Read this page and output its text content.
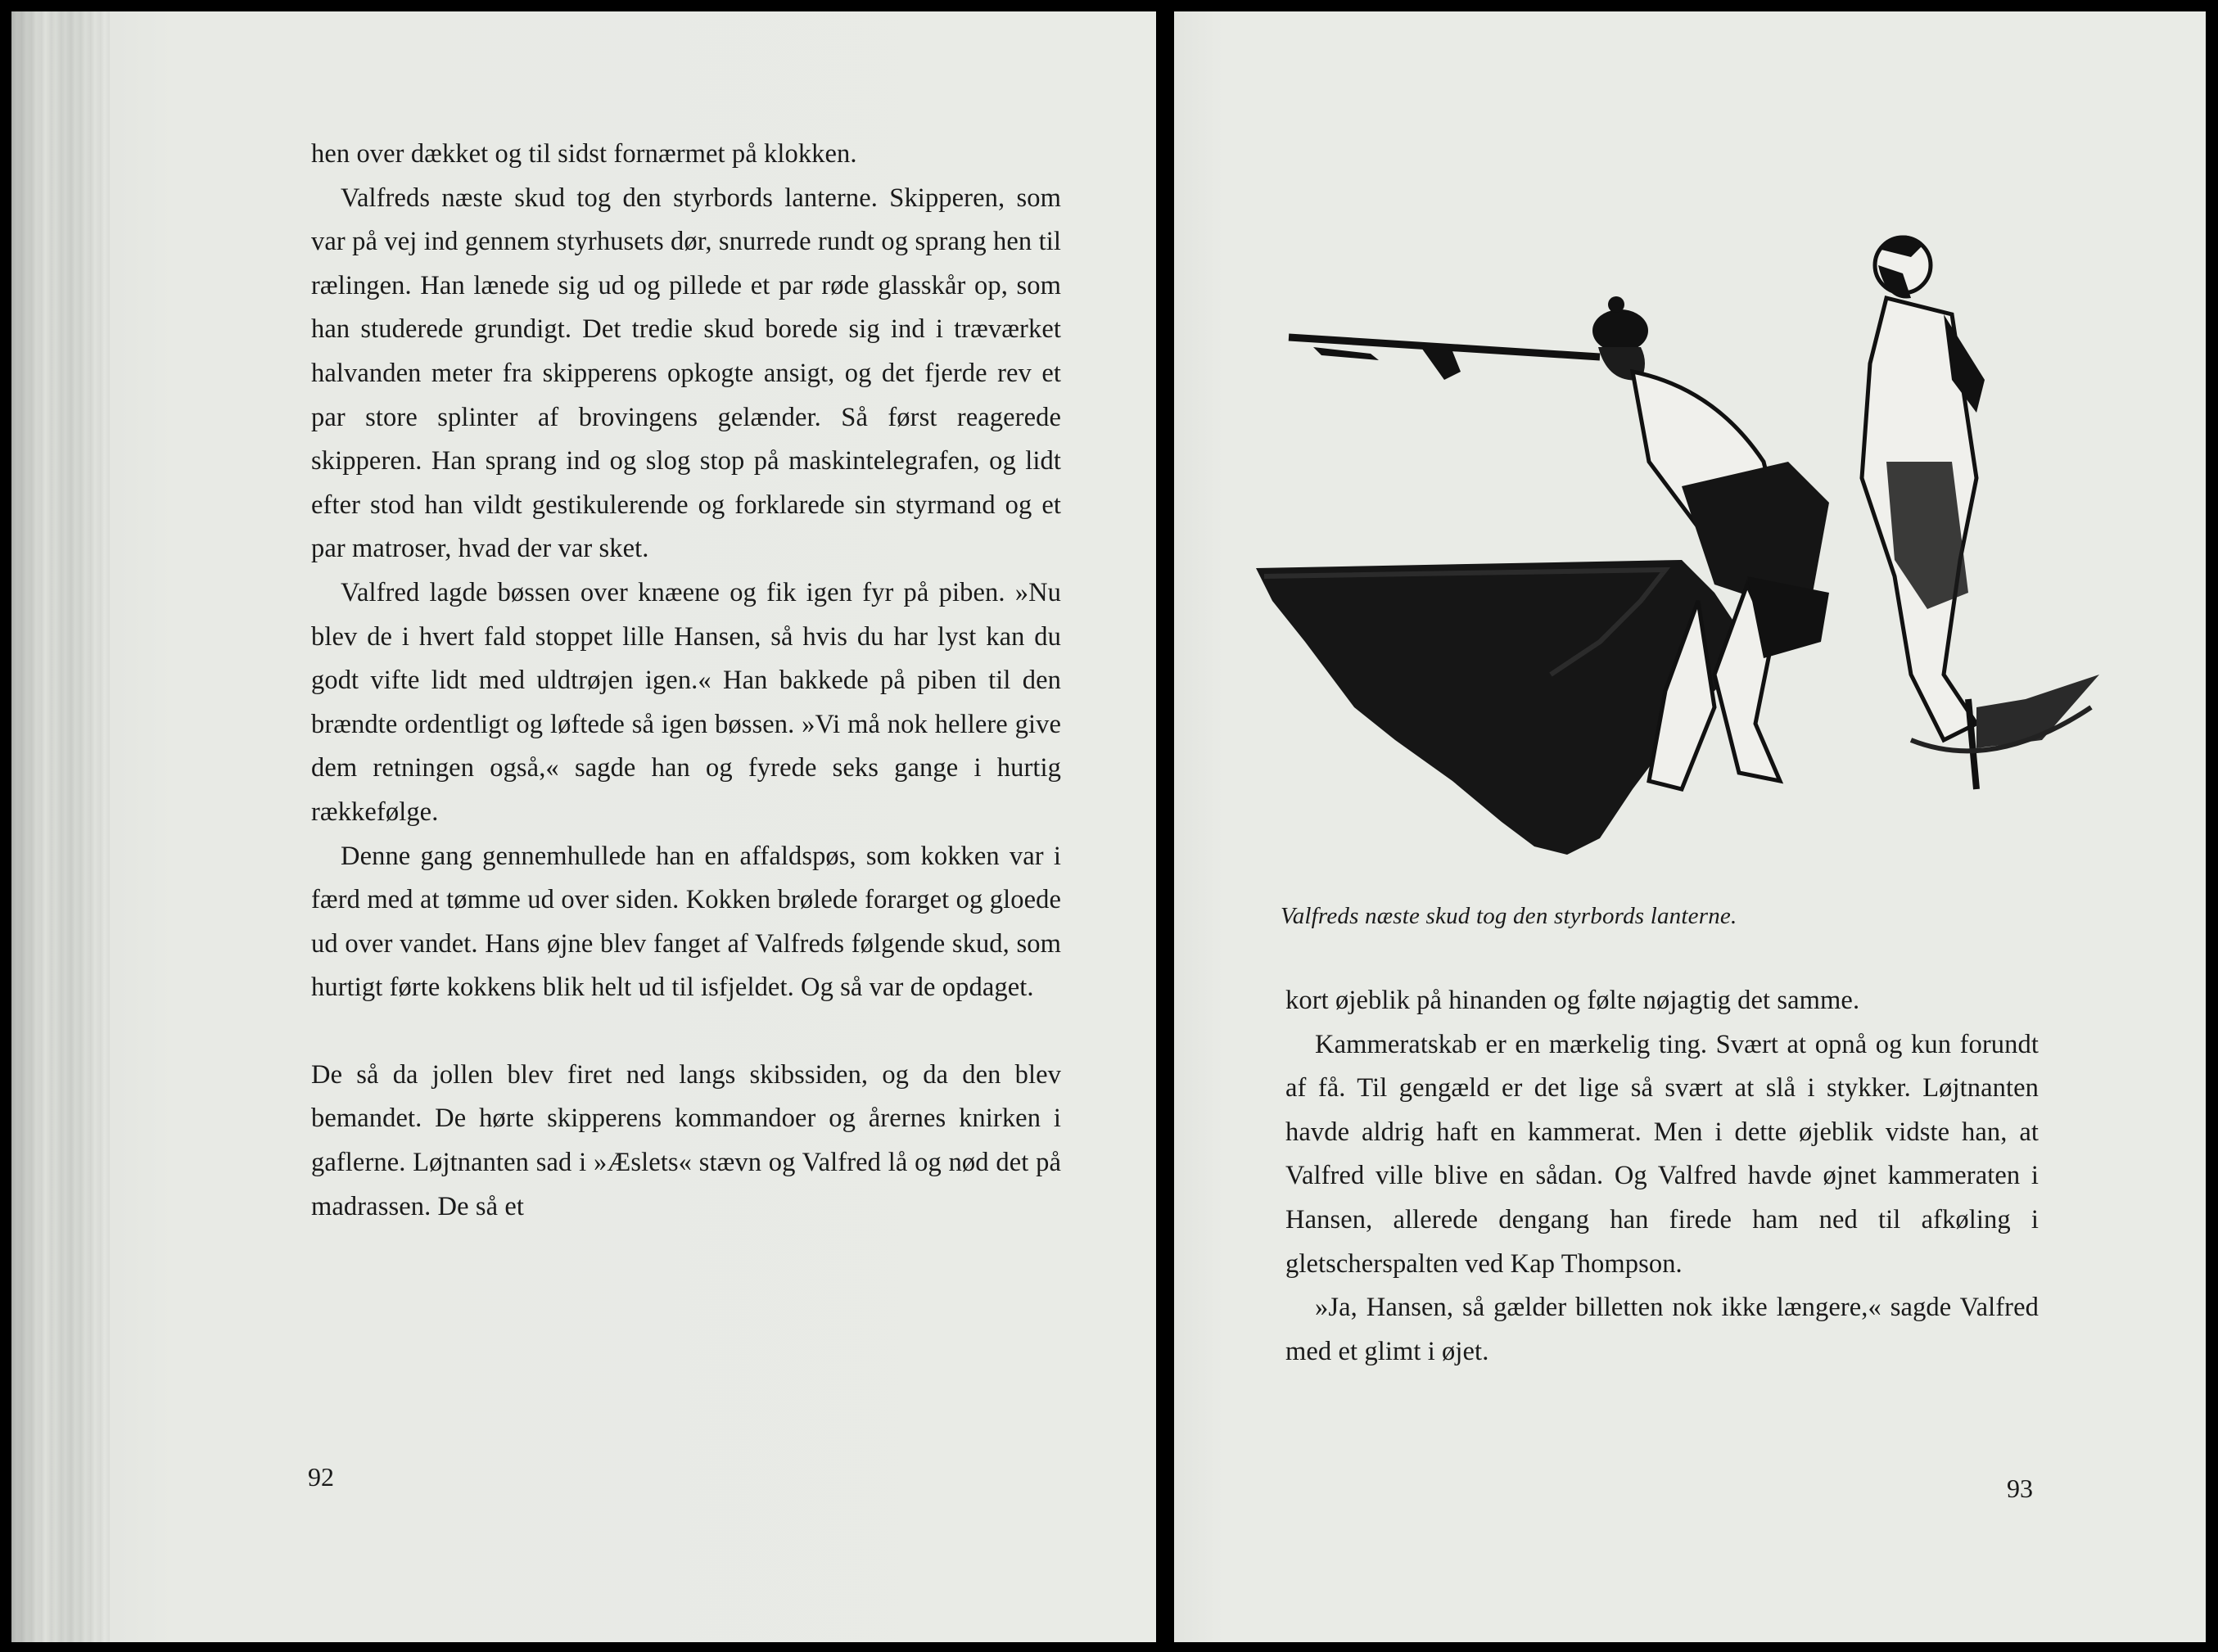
hen over dækket og til sidst fornærmet på klokken.

Valfreds næste skud tog den styrbords lanterne. Skipperen, som var på vej ind gennem styrhusets dør, snurrede rundt og sprang hen til rælingen. Han lænede sig ud og pillede et par røde glasskår op, som han studerede grundigt. Det tredie skud borede sig ind i træværket halvanden meter fra skipperens opkogte ansigt, og det fjerde rev et par store splinter af brovingens gelænder. Så først reagerede skipperen. Han sprang ind og slog stop på maskintelegrafen, og lidt efter stod han vildt gestikulerende og forklarede sin styrmand og et par matroser, hvad der var sket.

Valfred lagde bøssen over knæene og fik igen fyr på piben. »Nu blev de i hvert fald stoppet lille Hansen, så hvis du har lyst kan du godt vifte lidt med uldtrøjen igen.« Han bakkede på piben til den brændte ordentligt og løftede så igen bøssen. »Vi må nok hellere give dem retningen også,« sagde han og fyrede seks gange i hurtig rækkefølge.

Denne gang gennemhullede han en affaldspøs, som kokken var i færd med at tømme ud over siden. Kokken brølede forarget og gloede ud over vandet. Hans øjne blev fanget af Valfreds følgende skud, som hurtigt førte kokkens blik helt ud til isfjeldet. Og så var de opdaget.

De så da jollen blev firet ned langs skibssiden, og da den blev bemandet. De hørte skipperens kommandoer og årernes knirken i gaflerne. Løjtnanten sad i »Æslets« stævn og Valfred lå og nød det på madrassen. De så et

92
Valfreds næste skud tog den styrbords lanterne.

kort øjeblik på hinanden og følte nøjagtig det samme.

Kammeratskab er en mærkelig ting. Svært at opnå og kun forundt af få. Til gengæld er det lige så svært at slå i stykker. Løjtnanten havde aldrig haft en kammerat. Men i dette øjeblik vidste han, at Valfred ville blive en sådan. Og Valfred havde øjnet kammeraten i Hansen, allerede dengang han firede ham ned til afkøling i gletscherspalten ved Kap Thompson.

»Ja, Hansen, så gælder billetten nok ikke længere,« sagde Valfred med et glimt i øjet.

93
